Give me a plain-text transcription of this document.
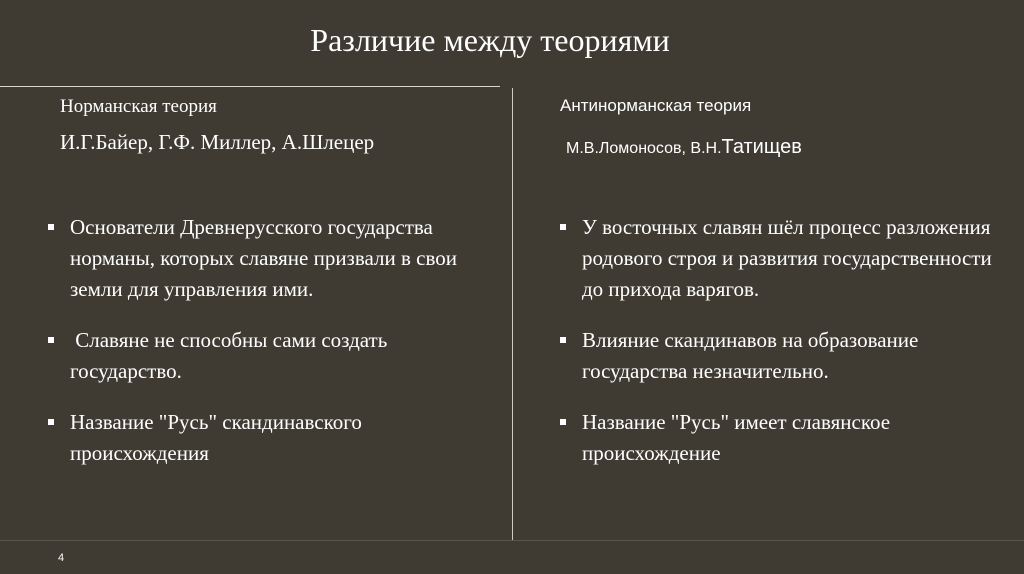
Различие между теориями
Норманская теория
И.Г.Байер, Г.Ф. Миллер, А.Шлецер
Основатели Древнерусского государства норманы, которых славяне призвали в свои земли для управления ими.
Славяне не способны сами создать государство.
Название "Русь" скандинавского происхождения
Антинорманская теория
М.В.Ломоносов, В.Н.Татищев
У восточных славян шёл процесс разложения родового строя и развития государственности до прихода варягов.
Влияние скандинавов на образование государства незначительно.
Название "Русь" имеет славянское происхождение
4
